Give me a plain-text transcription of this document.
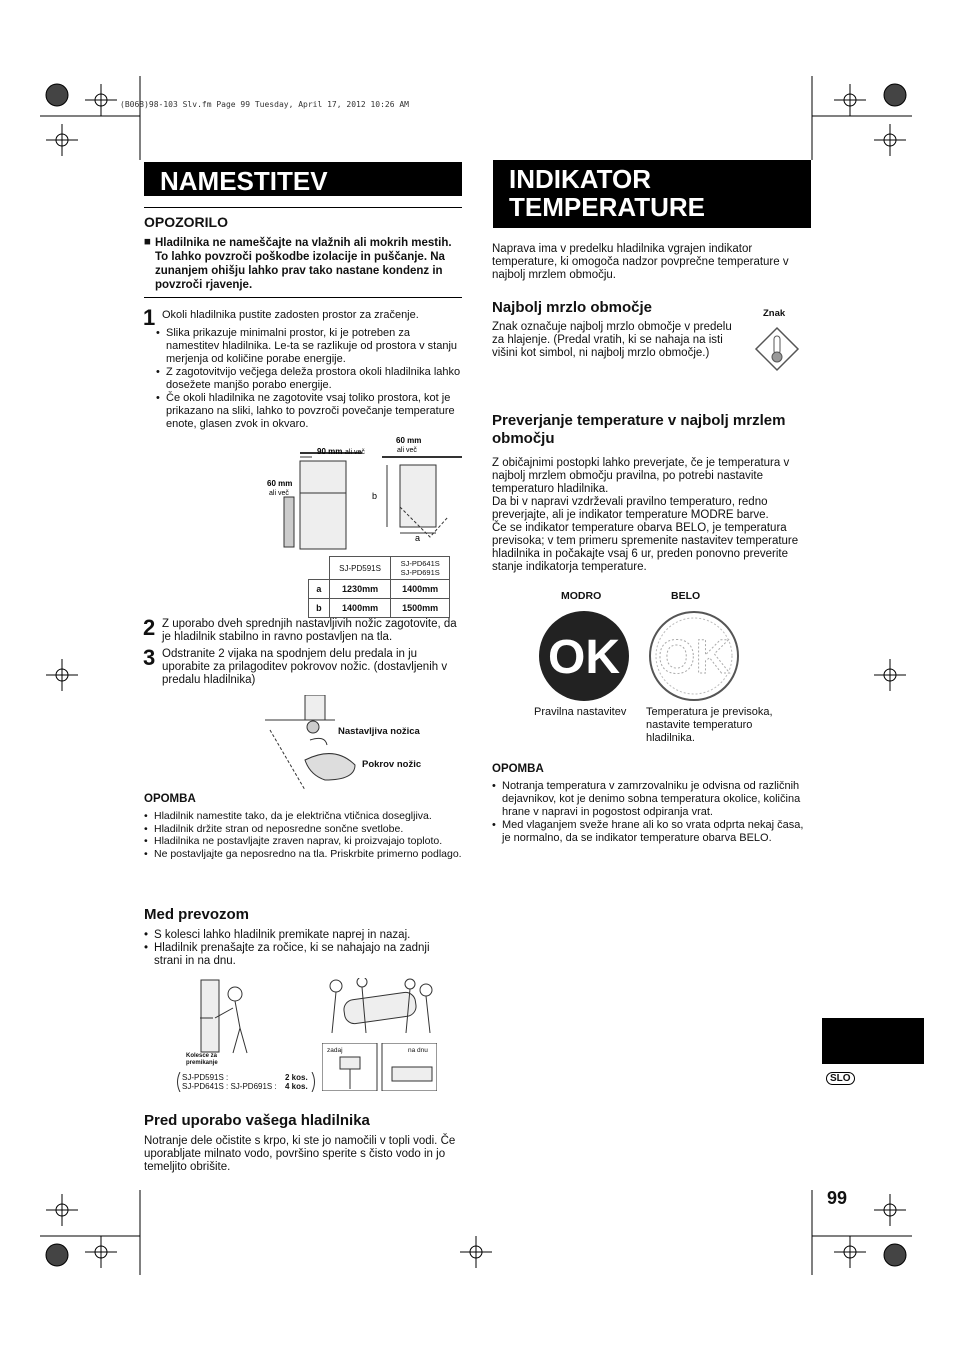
(B068)98-103 Slv.fm Page 99 Tuesday, April 17, 2012 10:26 AM
NAMESTITEV
OPOZORILO
■ Hladilnika ne nameščajte na vlažnih ali mokrih mestih. To lahko povzroči poškodbe izolacije in puščanje. Na zunanjem ohišju lahko prav tako nastane kondenz in povzroči rjavenje.
1 Okoli hladilnika pustite zadosten prostor za zračenje.
• Slika prikazuje minimalni prostor, ki je potreben za namestitev hladilnika. Le-ta se razlikuje od prostora v stanju merjenja od količine porabe energije.
• Z zagotovitvijo večjega deleža prostora okoli hladilnika lahko dosežete manjšo porabo energije.
• Če okoli hladilnika ne zagotovite vsaj toliko prostora, kot je prikazano na sliki, lahko to povzroči povečanje temperature enote, glasen zvok in okvaro.
90 mm ali več
60 mm
ali več
60 mm
ali več
b
a
	SJ-PD591S	SJ-PD641S
SJ-PD691S
a	1230mm	1400mm
b	1400mm	1500mm
2 Z uporabo dveh sprednjih nastavljivih nožic zagotovite, da je hladilnik stabilno in ravno postavljen na tla.
3 Odstranite 2 vijaka na spodnjem delu predala in ju uporabite za prilagoditev pokrovov nožic. (dostavljenih v predalu hladilnika)
Nastavljiva nožica
Pokrov nožic
OPOMBA
• Hladilnik namestite tako, da je električna vtičnica dosegljiva.
• Hladilnik držite stran od neposredne sončne svetlobe.
• Hladilnika ne postavljajte zraven naprav, ki proizvajajo toploto.
• Ne postavljajte ga neposredno na tla. Priskrbite primerno podlago.
Med prevozom
• S kolesci lahko hladilnik premikate naprej in nazaj.
• Hladilnik prenašajte za ročice, ki se nahajajo na zadnji strani in na dnu.
Kolesce za premikanje
SJ-PD591S :	2 kos.
SJ-PD641S : SJ-PD691S : 4 kos.
zadaj	na dnu
Pred uporabo vašega hladilnika
Notranje dele očistite s krpo, ki ste jo namočili v topli vodi. Če uporabljate milnato vodo, površino sperite s čisto vodo in jo temeljito obrišite.
INDIKATOR
TEMPERATURE
Naprava ima v predelku hladilnika vgrajen indikator temperature, ki omogoča nadzor povprečne temperature v najbolj mrzlem območju.
Najbolj mrzlo območje
Znak označuje najbolj mrzlo območje v predelu za hlajenje. (Predal vratih, ki se nahaja na isti višini kot simbol, ni najbolj mrzlo območje.)
Znak
Preverjanje temperature v najbolj mrzlem območju
Z običajnimi postopki lahko preverjate, če je temperatura v najbolj mrzlem območju pravilna, po potrebi nastavite temperaturo hladilnika.
Da bi v napravi vzdrževali pravilno temperaturo, redno preverjajte, ali je indikator temperature MODRE barve.
Če se indikator temperature obarva BELO, je temperatura previsoka; v tem primeru spremenite nastavitev temperature hladilnika in počakajte vsaj 6 ur, preden ponovno preverite stanje indikatorja temperature.
MODRO	BELO
OK OK
Pravilna nastavitev Temperatura je previsoka, nastavite temperaturo hladilnika.
OPOMBA
• Notranja temperatura v zamrzovalniku je odvisna od različnih dejavnikov, kot je denimo sobna temperatura okolice, količina hrane v napravi in pogostost odpiranja vrat.
• Med vlaganjem sveže hrane ali ko so vrata odprta nekaj časa, je normalno, da se indikator temperature obarva BELO.
SLO
99
